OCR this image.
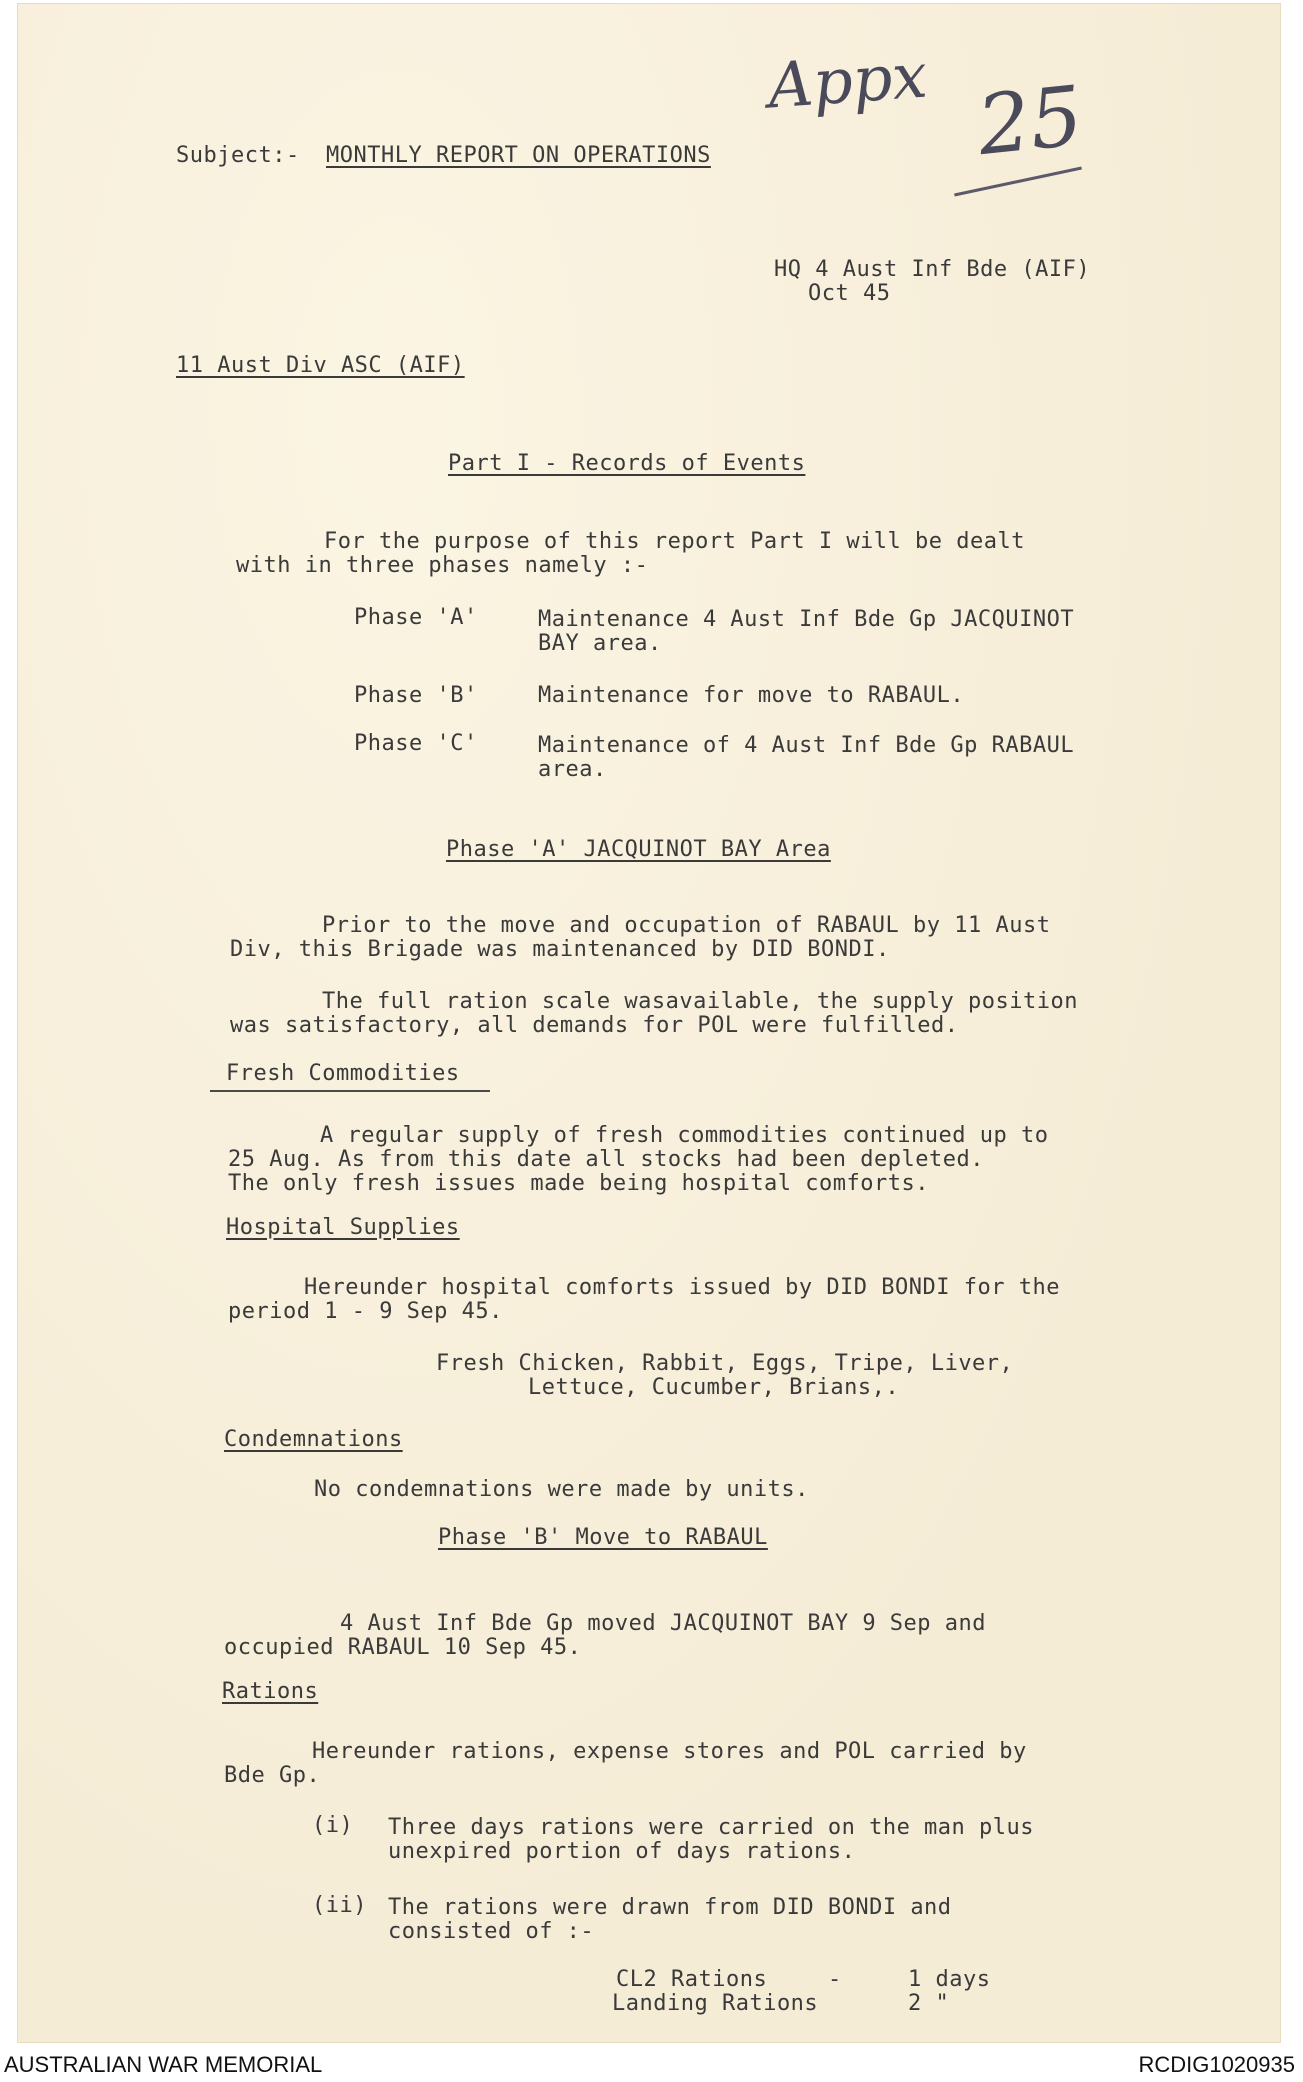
Appx 25
Subject:- MONTHLY REPORT ON OPERATIONS
HQ 4 Aust Inf Bde (AIF)
Oct 45
11 Aust Div ASC (AIF)
Part I - Records of Events
For the purpose of this report Part I will be dealt
with in three phases namely :-
Phase 'A'	Maintenance 4 Aust Inf Bde Gp JACQUINOT
BAY area.
Phase 'B'	Maintenance for move to RABAUL.
Phase 'C'	Maintenance of 4 Aust Inf Bde Gp RABAUL
area.
Phase 'A' JACQUINOT BAY Area
Prior to the move and occupation of RABAUL by 11 Aust
Div, this Brigade was maintenanced by DID BONDI.
The full ration scale wasavailable, the supply position
was satisfactory, all demands for POL were fulfilled.
Fresh Commodities
A regular supply of fresh commodities continued up to
25 Aug. As from this date all stocks had been depleted.
The only fresh issues made being hospital comforts.
Hospital Supplies
Hereunder hospital comforts issued by DID BONDI for the
period 1 - 9 Sep 45.
Fresh Chicken, Rabbit, Eggs, Tripe, Liver,
Lettuce, Cucumber, Brians,.
Condemnations
No condemnations were made by units.
Phase 'B' Move to RABAUL
4 Aust Inf Bde Gp moved JACQUINOT BAY 9 Sep and
occupied RABAUL 10 Sep 45.
Rations
Hereunder rations, expense stores and POL carried by
Bde Gp.
(i) Three days rations were carried on the man plus
unexpired portion of days rations.
(ii) The rations were drawn from DID BONDI and
consisted of :-
CL2 Rations	-	1 days
Landing Rations	2 "
AUSTRALIAN WAR MEMORIAL	RCDIG1020935
